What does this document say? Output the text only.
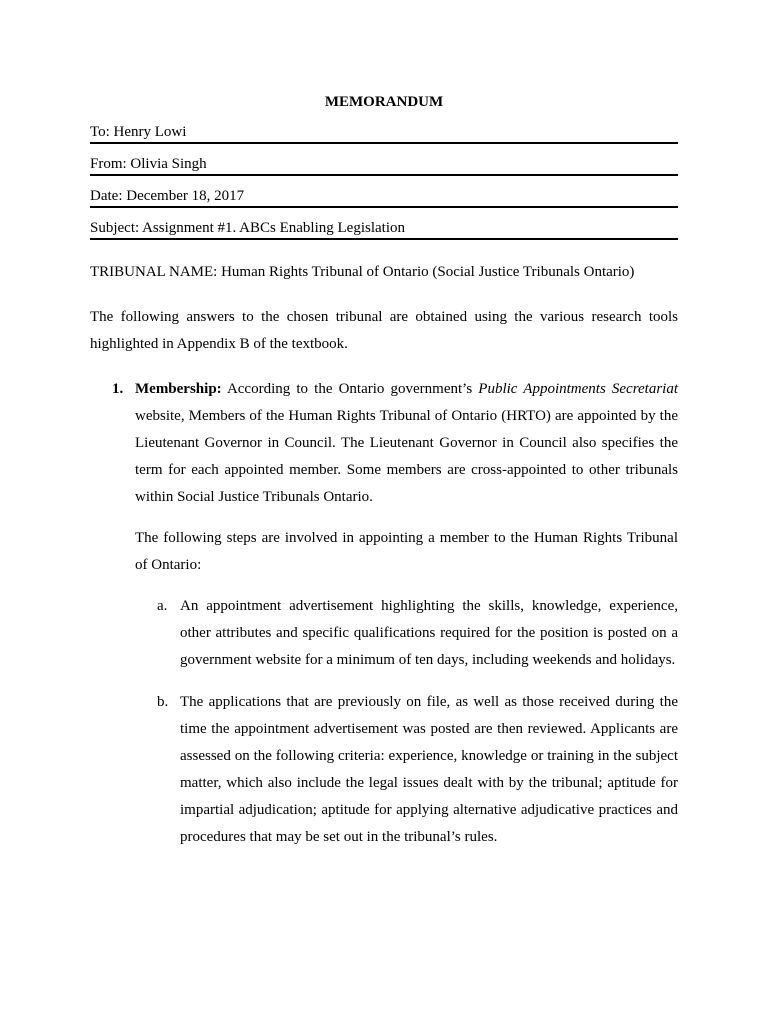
MEMORANDUM
To: Henry Lowi
From: Olivia Singh
Date: December 18, 2017
Subject: Assignment #1. ABCs Enabling Legislation
TRIBUNAL NAME: Human Rights Tribunal of Ontario (Social Justice Tribunals Ontario)
The following answers to the chosen tribunal are obtained using the various research tools highlighted in Appendix B of the textbook.
1. Membership: According to the Ontario government’s Public Appointments Secretariat website, Members of the Human Rights Tribunal of Ontario (HRTO) are appointed by the Lieutenant Governor in Council. The Lieutenant Governor in Council also specifies the term for each appointed member. Some members are cross-appointed to other tribunals within Social Justice Tribunals Ontario.
The following steps are involved in appointing a member to the Human Rights Tribunal of Ontario:
a. An appointment advertisement highlighting the skills, knowledge, experience, other attributes and specific qualifications required for the position is posted on a government website for a minimum of ten days, including weekends and holidays.
b. The applications that are previously on file, as well as those received during the time the appointment advertisement was posted are then reviewed. Applicants are assessed on the following criteria: experience, knowledge or training in the subject matter, which also include the legal issues dealt with by the tribunal; aptitude for impartial adjudication; aptitude for applying alternative adjudicative practices and procedures that may be set out in the tribunal’s rules.
